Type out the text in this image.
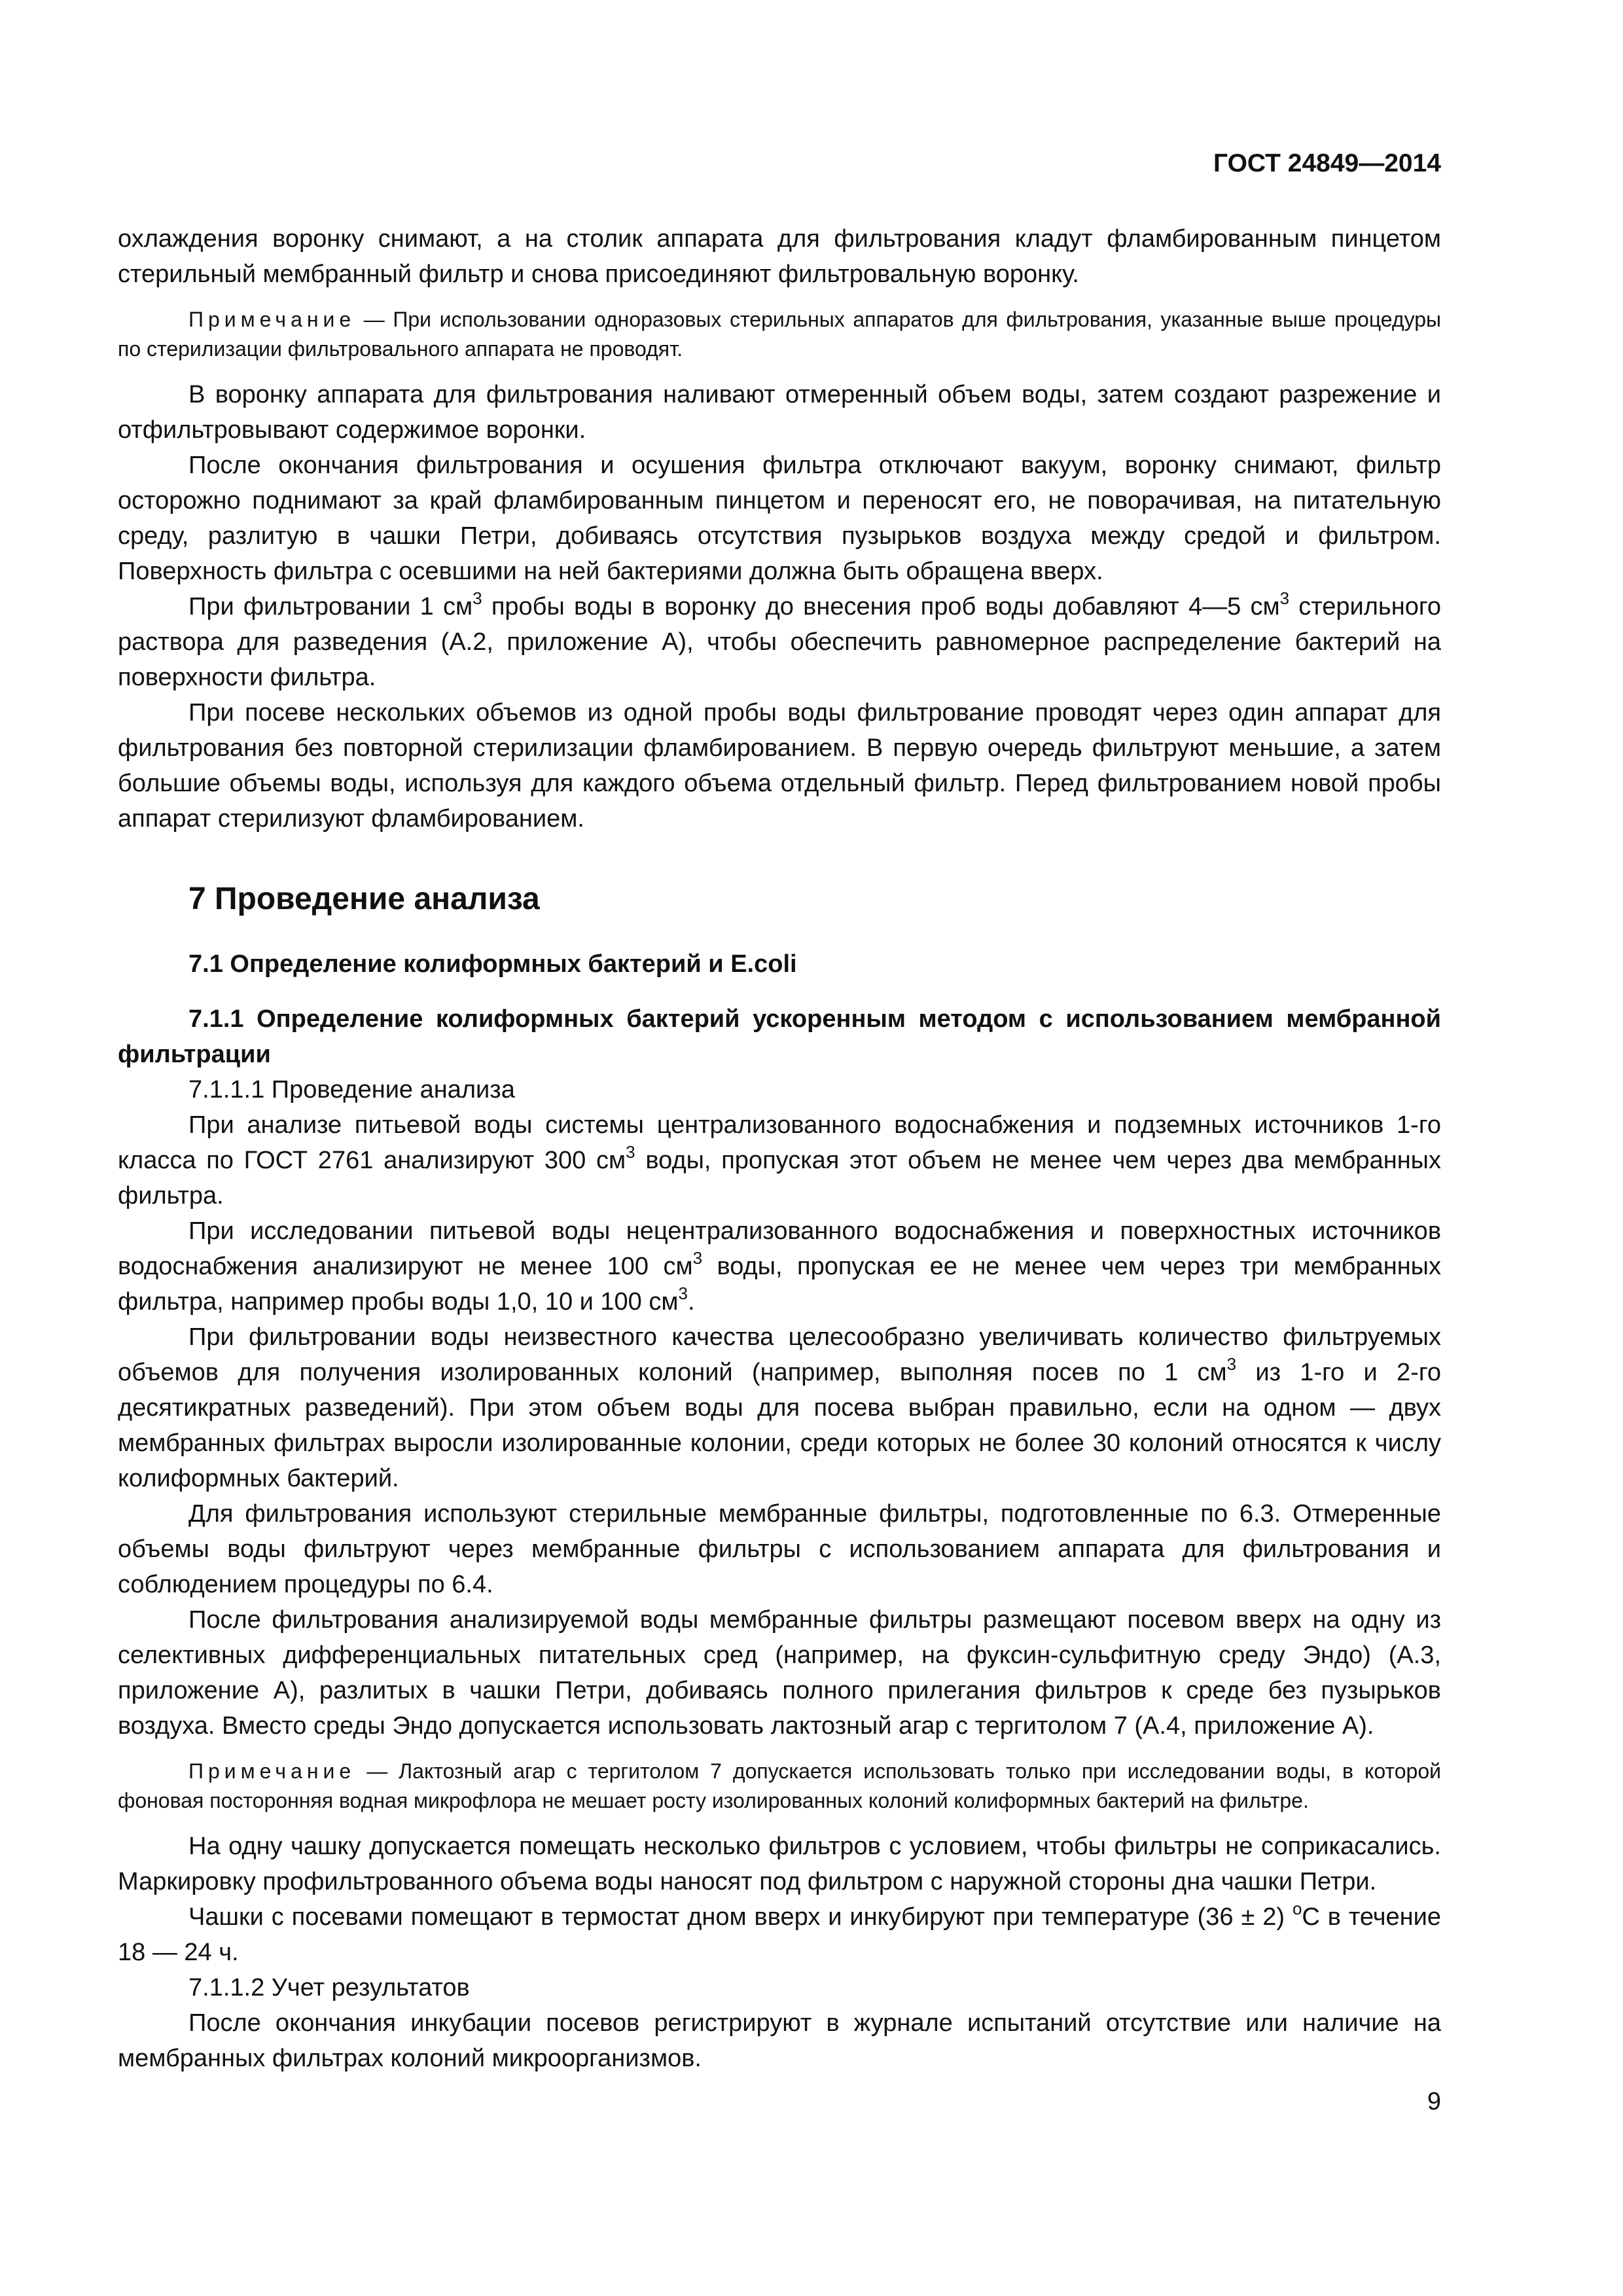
ГОСТ 24849—2014

охлаждения воронку снимают, а на столик аппарата для фильтрования кладут фламбированным пинцетом стерильный мембранный фильтр и снова присоединяют фильтровальную воронку.

Примечание — При использовании одноразовых стерильных аппаратов для фильтрования, указанные выше процедуры по стерилизации фильтровального аппарата не проводят.

В воронку аппарата для фильтрования наливают отмеренный объем воды, затем создают разрежение и отфильтровывают содержимое воронки.

После окончания фильтрования и осушения фильтра отключают вакуум, воронку снимают, фильтр осторожно поднимают за край фламбированным пинцетом и переносят его, не поворачивая, на питательную среду, разлитую в чашки Петри, добиваясь отсутствия пузырьков воздуха между средой и фильтром. Поверхность фильтра с осевшими на ней бактериями должна быть обращена вверх.

При фильтровании 1 $см^3$ пробы воды в воронку до внесения проб воды добавляют 4—5 $см^3$ стерильного раствора для разведения (А.2, приложение А), чтобы обеспечить равномерное распределение бактерий на поверхности фильтра.

При посеве нескольких объемов из одной пробы воды фильтрование проводят через один аппарат для фильтрования без повторной стерилизации фламбированием. В первую очередь фильтруют меньшие, а затем большие объемы воды, используя для каждого объема отдельный фильтр. Перед фильтрованием новой пробы аппарат стерилизуют фламбированием.

7 Проведение анализа

7.1 Определение колиформных бактерий и E.coli

7.1.1 Определение колиформных бактерий ускоренным методом с использованием мембранной фильтрации

7.1.1.1 Проведение анализа

При анализе питьевой воды системы централизованного водоснабжения и подземных источников 1-го класса по ГОСТ 2761 анализируют 300 $см^3$ воды, пропуская этот объем не менее чем через два мембранных фильтра.

При исследовании питьевой воды нецентрализованного водоснабжения и поверхностных источников водоснабжения анализируют не менее 100 $см^3$ воды, пропуская ее не менее чем через три мембранных фильтра, например пробы воды 1,0, 10 и 100 $см^3$.

При фильтровании воды неизвестного качества целесообразно увеличивать количество фильтруемых объемов для получения изолированных колоний (например, выполняя посев по 1 $см^3$ из 1-го и 2-го десятикратных разведений). При этом объем воды для посева выбран правильно, если на одном — двух мембранных фильтрах выросли изолированные колонии, среди которых не более 30 колоний относятся к числу колиформных бактерий.

Для фильтрования используют стерильные мембранные фильтры, подготовленные по 6.3. Отмеренные объемы воды фильтруют через мембранные фильтры с использованием аппарата для фильтрования и соблюдением процедуры по 6.4.

После фильтрования анализируемой воды мембранные фильтры размещают посевом вверх на одну из селективных дифференциальных питательных сред (например, на фуксин-сульфитную среду Эндо) (А.3, приложение А), разлитых в чашки Петри, добиваясь полного прилегания фильтров к среде без пузырьков воздуха. Вместо среды Эндо допускается использовать лактозный агар с тергитолом 7 (А.4, приложение А).

Примечание — Лактозный агар с тергитолом 7 допускается использовать только при исследовании воды, в которой фоновая посторонняя водная микрофлора не мешает росту изолированных колоний колиформных бактерий на фильтре.

На одну чашку допускается помещать несколько фильтров с условием, чтобы фильтры не соприкасались. Маркировку профильтрованного объема воды наносят под фильтром с наружной стороны дна чашки Петри.

Чашки с посевами помещают в термостат дном вверх и инкубируют при температуре (36 ± 2) $^о$С в течение 18 — 24 ч.

7.1.1.2 Учет результатов

После окончания инкубации посевов регистрируют в журнале испытаний отсутствие или наличие на мембранных фильтрах колоний микроорганизмов.

9
